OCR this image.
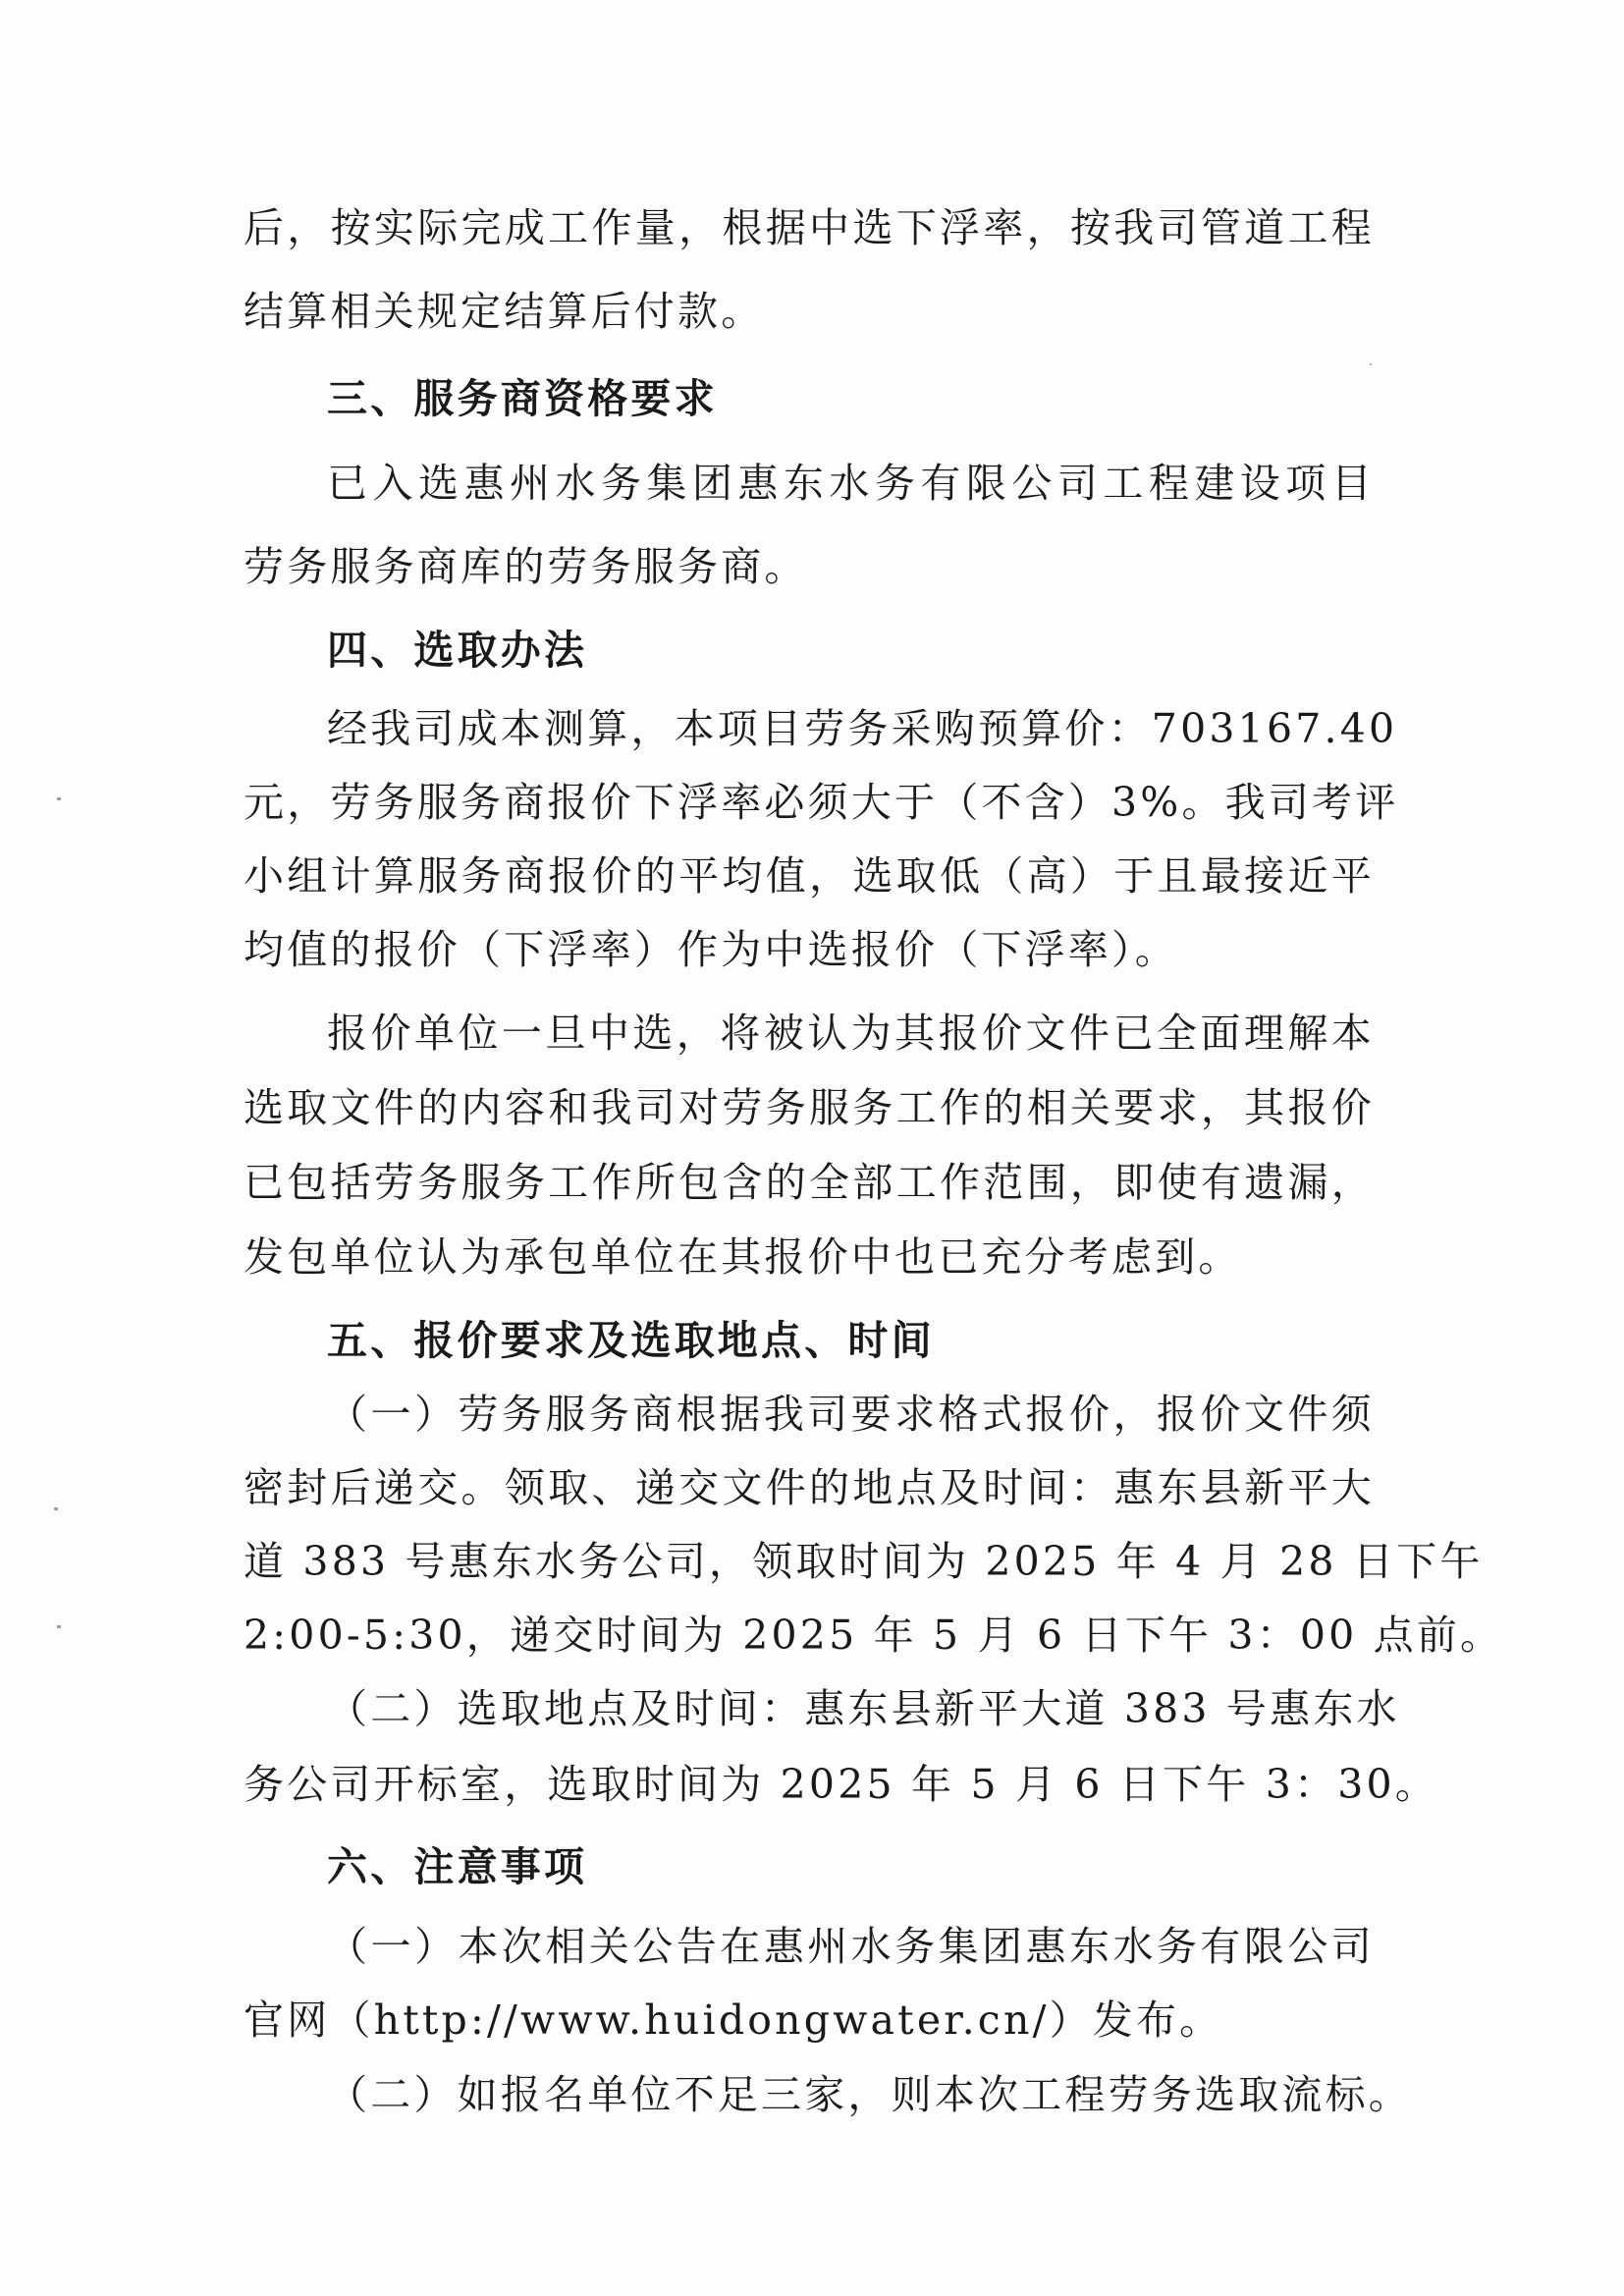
后，按实际完成工作量，根据中选下浮率，按我司管道工程
结算相关规定结算后付款。
三、服务商资格要求
已入选惠州水务集团惠东水务有限公司工程建设项目
劳务服务商库的劳务服务商。
四、选取办法
经我司成本测算，本项目劳务采购预算价：703167.40
元，劳务服务商报价下浮率必须大于（不含）3%。我司考评
小组计算服务商报价的平均值，选取低（高）于且最接近平
均值的报价（下浮率）作为中选报价（下浮率）。
报价单位一旦中选，将被认为其报价文件已全面理解本
选取文件的内容和我司对劳务服务工作的相关要求，其报价
已包括劳务服务工作所包含的全部工作范围，即使有遗漏，
发包单位认为承包单位在其报价中也已充分考虑到。
五、报价要求及选取地点、时间
（一）劳务服务商根据我司要求格式报价，报价文件须
密封后递交。领取、递交文件的地点及时间：惠东县新平大
道 383 号惠东水务公司，领取时间为 2025 年 4 月 28 日下午
2:00-5:30，递交时间为 2025 年 5 月 6 日下午 3：00 点前。
（二）选取地点及时间：惠东县新平大道 383 号惠东水
务公司开标室，选取时间为 2025 年 5 月 6 日下午 3：30。
六、注意事项
（一）本次相关公告在惠州水务集团惠东水务有限公司
官网（http://www.huidongwater.cn/）发布。
（二）如报名单位不足三家，则本次工程劳务选取流标。
